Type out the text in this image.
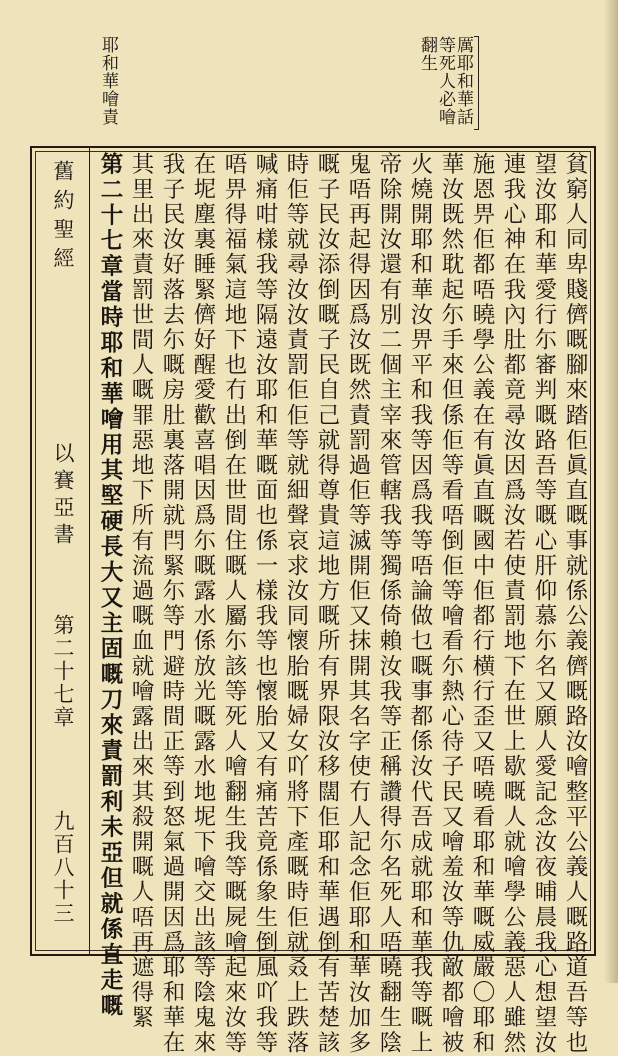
厲耶和華話
等死人必噲
翻生
耶和華噲責
舊約聖經
以賽亞書
第二十七章
九百八十三	貧窮人同卑賤儕嘅腳來踏佢眞直嘅事就係公義儕嘅路汝噲整平公義人嘅路道吾等也
望汝耶和華愛行尓審判嘅路吾等嘅心肝仰慕尓名又願人愛記念汝夜晡晨我心想望汝
連我心神在我內肚都竟尋汝因爲汝若使責罰地下在世上歇嘅人就噲學公義惡人雖然
施恩畀佢都唔曉學公義在有眞直嘅國中佢都行横行歪又唔曉看耶和華嘅威嚴〇耶和
華汝既然耽起尓手來但係佢等看唔倒佢等噲看尓熱心待子民又噲羞汝等仇敵都噲被
火燒開耶和華汝畀平和我等因爲我等唔論做乜嘅事都係汝代吾成就耶和華我等嘅上
帝除開汝還有別二個主宰來管轄我等獨係倚賴汝我等正稱讚得尓名死人唔曉翻生陰
鬼唔再起得因爲汝既然責罰過佢等滅開佢又抹開其名字使冇人記念佢耶和華汝加多
嘅子民汝添倒嘅子民自己就得尊貴這地方嘅所有界限汝移闊佢耶和華遇倒有苦楚該
時佢等就尋汝汝責罰佢佢等就細聲哀求汝同懷胎嘅婦女吖將下產嘅時佢就叒上跌落
喊痛咁樣我等隔遠汝耶和華嘅面也係一樣我等也懷胎又有痛苦竟係象生倒風吖我等
唔畀得福氣這地下也冇出倒在世間住嘅人屬尓該等死人噲翻生我等嘅屍噲起來汝等
在坭塵裏睡緊儕好醒愛歡喜唱因爲尓嘅露水係放光嘅露水地坭下噲交出該等陰鬼來
我子民汝好落去尓嘅房肚裏落開就閂緊尓等門避時間正等到怒氣過開因爲耶和華在
其里出來責罰世間人嘅罪惡地下所有流過嘅血就噲露出來其殺開嘅人唔再遮得緊
第二十七章當時耶和華噲用其堅硬長大又主固嘅刀來責罰利未亞但就係直走嘅
